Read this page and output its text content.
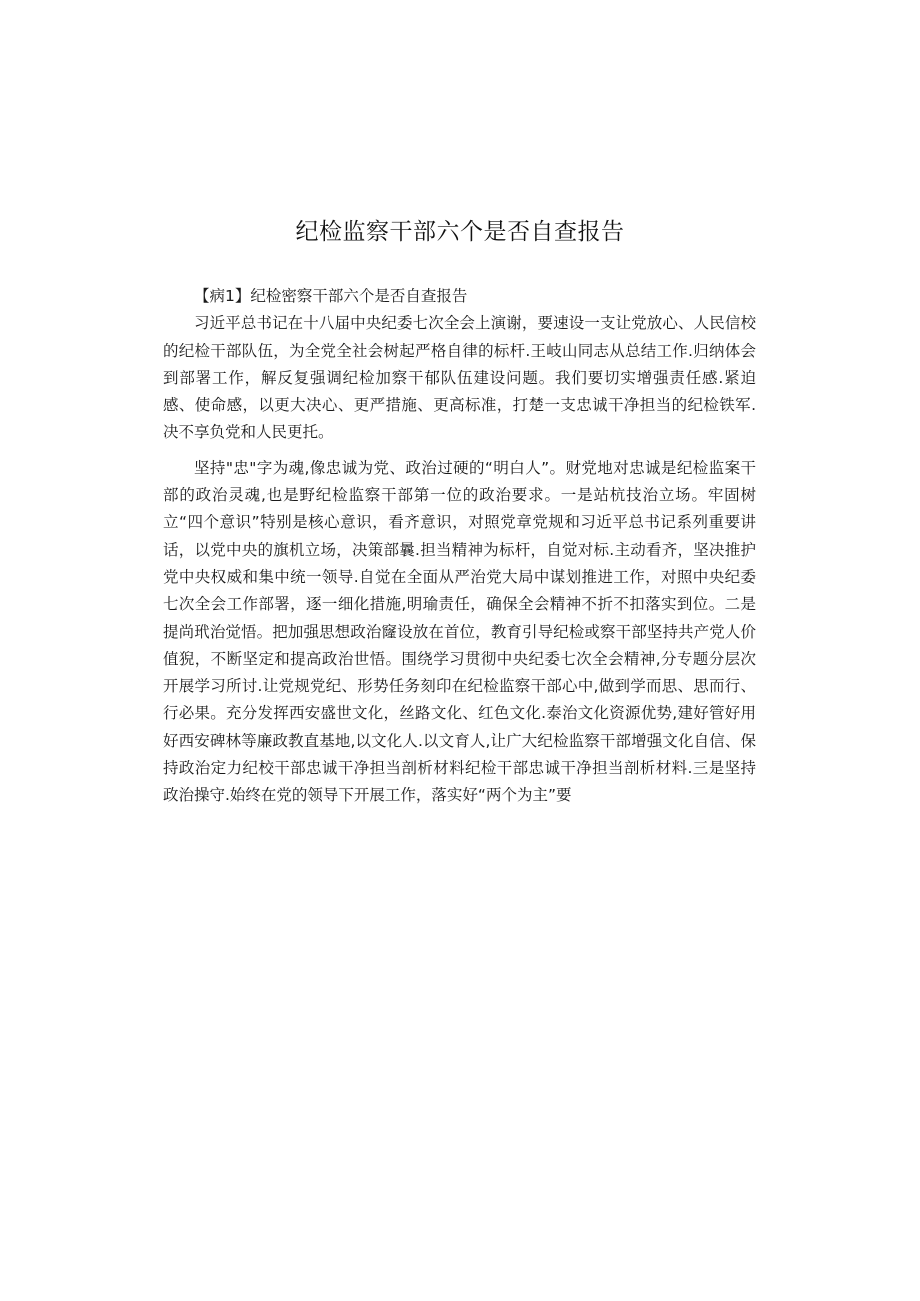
纪检监察干部六个是否自查报告

【病1】纪检密察干部六个是否自查报告

习近平总书记在十八届中央纪委七次全会上演谢，要速设一支让党放心、人民信校的纪检干部队伍，为全党全社会树起严格自律的标杆.王岐山同志从总结工作.归纳体会到部署工作，解反复强调纪检加察干郁队伍建设问题。我们要切实增强责任感.紧迫感、使命感，以更大决心、更严措施、更高标准，打楚一支忠诚干净担当的纪检铁军.决不享负党和人民更托。

坚持"忠"字为魂,像忠诚为党、政治过硬的“明白人”。财党地对忠诚是纪检监案干部的政治灵魂,也是野纪检监察干部第一位的政治要求。一是站杭技治立场。牢固树立“四个意识”特别是核心意识，看齐意识，对照党章党规和习近平总书记系列重要讲话，以党中央的旗机立场，决策部曩.担当精神为标杆，自觉对标.主动看齐，坚决推护党中央权威和集中统一领导.自觉在全面从严治党大局中谋划推进工作，对照中央纪委七次全会工作部署，逐一细化措施,明瑜责任，确保全会精神不折不扣落实到位。二是提尚玳治觉悟。把加强思想政治窿设放在首位，教育引导纪检或察干部坚持共产党人价值猊，不断坚定和提高政治世悟。围绕学习贯彻中央纪委七次全会精神,分专题分层次开展学习所讨.让党规党纪、形势任务刻印在纪检监察干部心中,做到学而思、思而行、行必果。充分发挥西安盛世文化，丝路文化、红色文化.泰治文化资源优势,建好管好用好西安碑林等廉政教直基地,以文化人.以文育人,让广大纪检监察干部增强文化自信、保持政治定力纪校干部忠诚干净担当剖析材料纪检干部忠诚干净担当剖析材料.三是坚持政治操守.始终在党的领导下开展工作，落实好“两个为主”要
